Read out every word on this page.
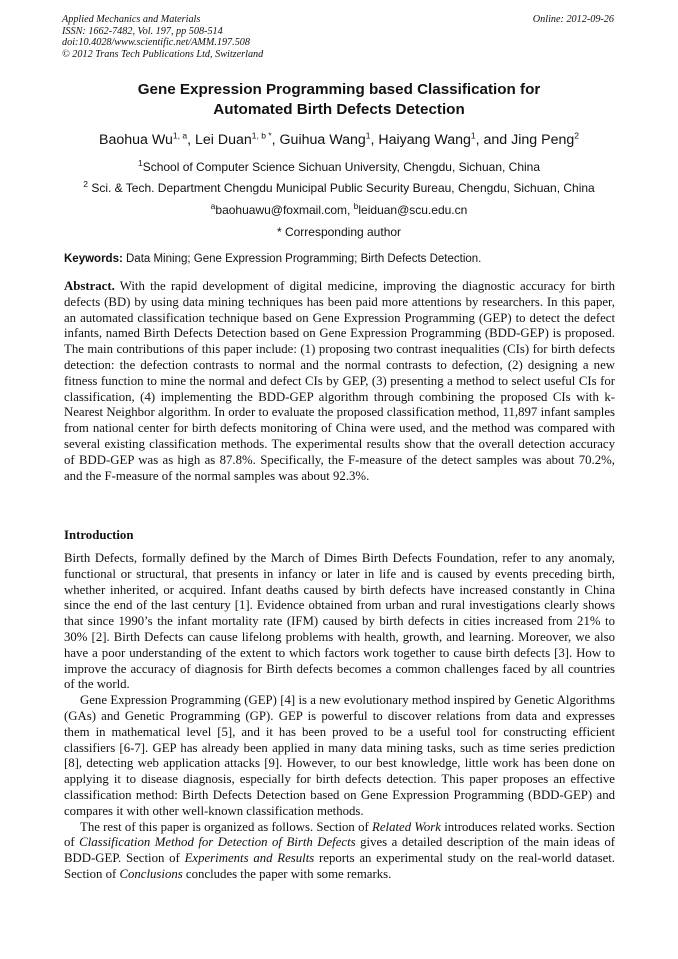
Applied Mechanics and Materials
ISSN: 1662-7482, Vol. 197, pp 508-514
doi:10.4028/www.scientific.net/AMM.197.508
© 2012 Trans Tech Publications Ltd, Switzerland
Online: 2012-09-26
Gene Expression Programming based Classification for
Automated Birth Defects Detection
Baohua Wu$^{1, a}$, Lei Duan$^{1, b *}$, Guihua Wang$^1$, Haiyang Wang$^1$, and Jing Peng$^2$
$^1$School of Computer Science Sichuan University, Chengdu, Sichuan, China
$^2$ Sci. & Tech. Department Chengdu Municipal Public Security Bureau, Chengdu, Sichuan, China
$^a$baohuawu@foxmail.com, $^b$leiduan@scu.edu.cn
* Corresponding author
Keywords: Data Mining; Gene Expression Programming; Birth Defects Detection.

Abstract. With the rapid development of digital medicine, improving the diagnostic accuracy for birth defects (BD) by using data mining techniques has been paid more attentions by researchers. In this paper, an automated classification technique based on Gene Expression Programming (GEP) to detect the defect infants, named Birth Defects Detection based on Gene Expression Programming (BDD-GEP) is proposed. The main contributions of this paper include: (1) proposing two contrast inequalities (CIs) for birth defects detection: the defection contrasts to normal and the normal contrasts to defection, (2) designing a new fitness function to mine the normal and defect CIs by GEP, (3) presenting a method to select useful CIs for classification, (4) implementing the BDD-GEP algorithm through combining the proposed CIs with k-Nearest Neighbor algorithm. In order to evaluate the proposed classification method, 11,897 infant samples from national center for birth defects monitoring of China were used, and the method was compared with several existing classification methods. The experimental results show that the overall detection accuracy of BDD-GEP was as high as 87.8%. Specifically, the F-measure of the detect samples was about 70.2%, and the F-measure of the normal samples was about 92.3%.

Introduction

Birth Defects, formally defined by the March of Dimes Birth Defects Foundation, refer to any anomaly, functional or structural, that presents in infancy or later in life and is caused by events preceding birth, whether inherited, or acquired. Infant deaths caused by birth defects have increased constantly in China since the end of the last century [1]. Evidence obtained from urban and rural investigations clearly shows that since 1990’s the infant mortality rate (IFM) caused by birth defects in cities increased from 21% to 30% [2]. Birth Defects can cause lifelong problems with health, growth, and learning. Moreover, we also have a poor understanding of the extent to which factors work together to cause birth defects [3]. How to improve the accuracy of diagnosis for Birth defects becomes a common challenges faced by all countries of the world.

Gene Expression Programming (GEP) [4] is a new evolutionary method inspired by Genetic Algorithms (GAs) and Genetic Programming (GP). GEP is powerful to discover relations from data and expresses them in mathematical level [5], and it has been proved to be a useful tool for constructing efficient classifiers [6-7]. GEP has already been applied in many data mining tasks, such as time series prediction [8], detecting web application attacks [9]. However, to our best knowledge, little work has been done on applying it to disease diagnosis, especially for birth defects detection. This paper proposes an effective classification method: Birth Defects Detection based on Gene Expression Programming (BDD-GEP) and compares it with other well-known classification methods.

The rest of this paper is organized as follows. Section of Related Work introduces related works. Section of Classification Method for Detection of Birth Defects gives a detailed description of the main ideas of BDD-GEP. Section of Experiments and Results reports an experimental study on the real-world dataset. Section of Conclusions concludes the paper with some remarks.
